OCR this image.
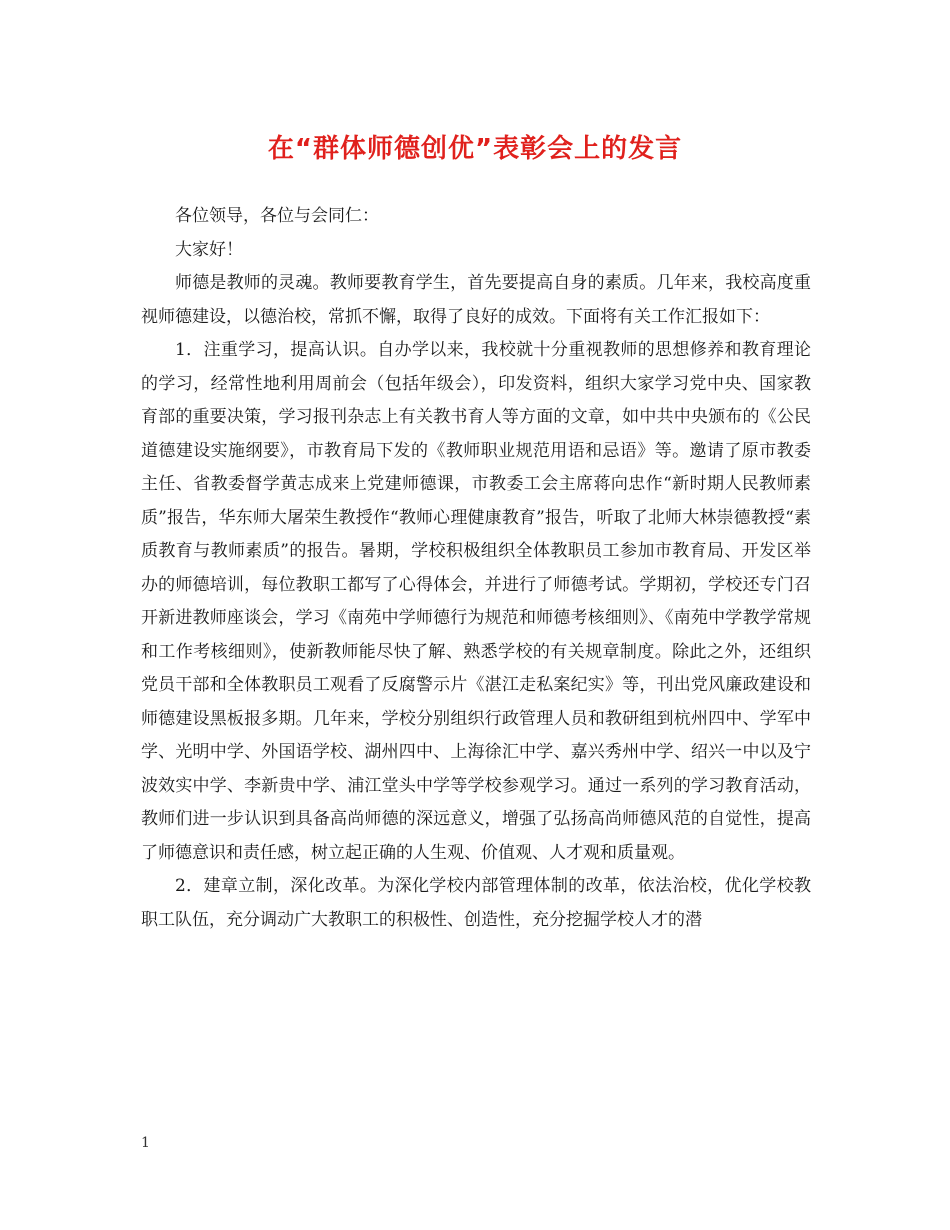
在“群体师德创优”表彰会上的发言

各位领导，各位与会同仁：

大家好！

师德是教师的灵魂。教师要教育学生，首先要提高自身的素质。几年来，我校高度重视师德建设，以德治校，常抓不懈，取得了良好的成效。下面将有关工作汇报如下：

1．注重学习，提高认识。自办学以来，我校就十分重视教师的思想修养和教育理论的学习，经常性地利用周前会（包括年级会），印发资料，组织大家学习党中央、国家教育部的重要决策，学习报刊杂志上有关教书育人等方面的文章，如中共中央颁布的《公民道德建设实施纲要》，市教育局下发的《教师职业规范用语和忌语》等。邀请了原市教委主任、省教委督学黄志成来上党建师德课，市教委工会主席蒋向忠作“新时期人民教师素质”报告，华东师大屠荣生教授作“教师心理健康教育”报告，听取了北师大林崇德教授“素质教育与教师素质”的报告。暑期，学校积极组织全体教职员工参加市教育局、开发区举办的师德培训，每位教职工都写了心得体会，并进行了师德考试。学期初，学校还专门召开新进教师座谈会，学习《南苑中学师德行为规范和师德考核细则》、《南苑中学教学常规和工作考核细则》，使新教师能尽快了解、熟悉学校的有关规章制度。除此之外，还组织党员干部和全体教职员工观看了反腐警示片《湛江走私案纪实》等，刊出党风廉政建设和师德建设黑板报多期。几年来，学校分别组织行政管理人员和教研组到杭州四中、学军中学、光明中学、外国语学校、湖州四中、上海徐汇中学、嘉兴秀州中学、绍兴一中以及宁波效实中学、李新贵中学、浦江堂头中学等学校参观学习。通过一系列的学习教育活动，教师们进一步认识到具备高尚师德的深远意义，增强了弘扬高尚师德风范的自觉性，提高了师德意识和责任感，树立起正确的人生观、价值观、人才观和质量观。

2．建章立制，深化改革。为深化学校内部管理体制的改革，依法治校，优化学校教职工队伍，充分调动广大教职工的积极性、创造性，充分挖掘学校人才的潜

1
